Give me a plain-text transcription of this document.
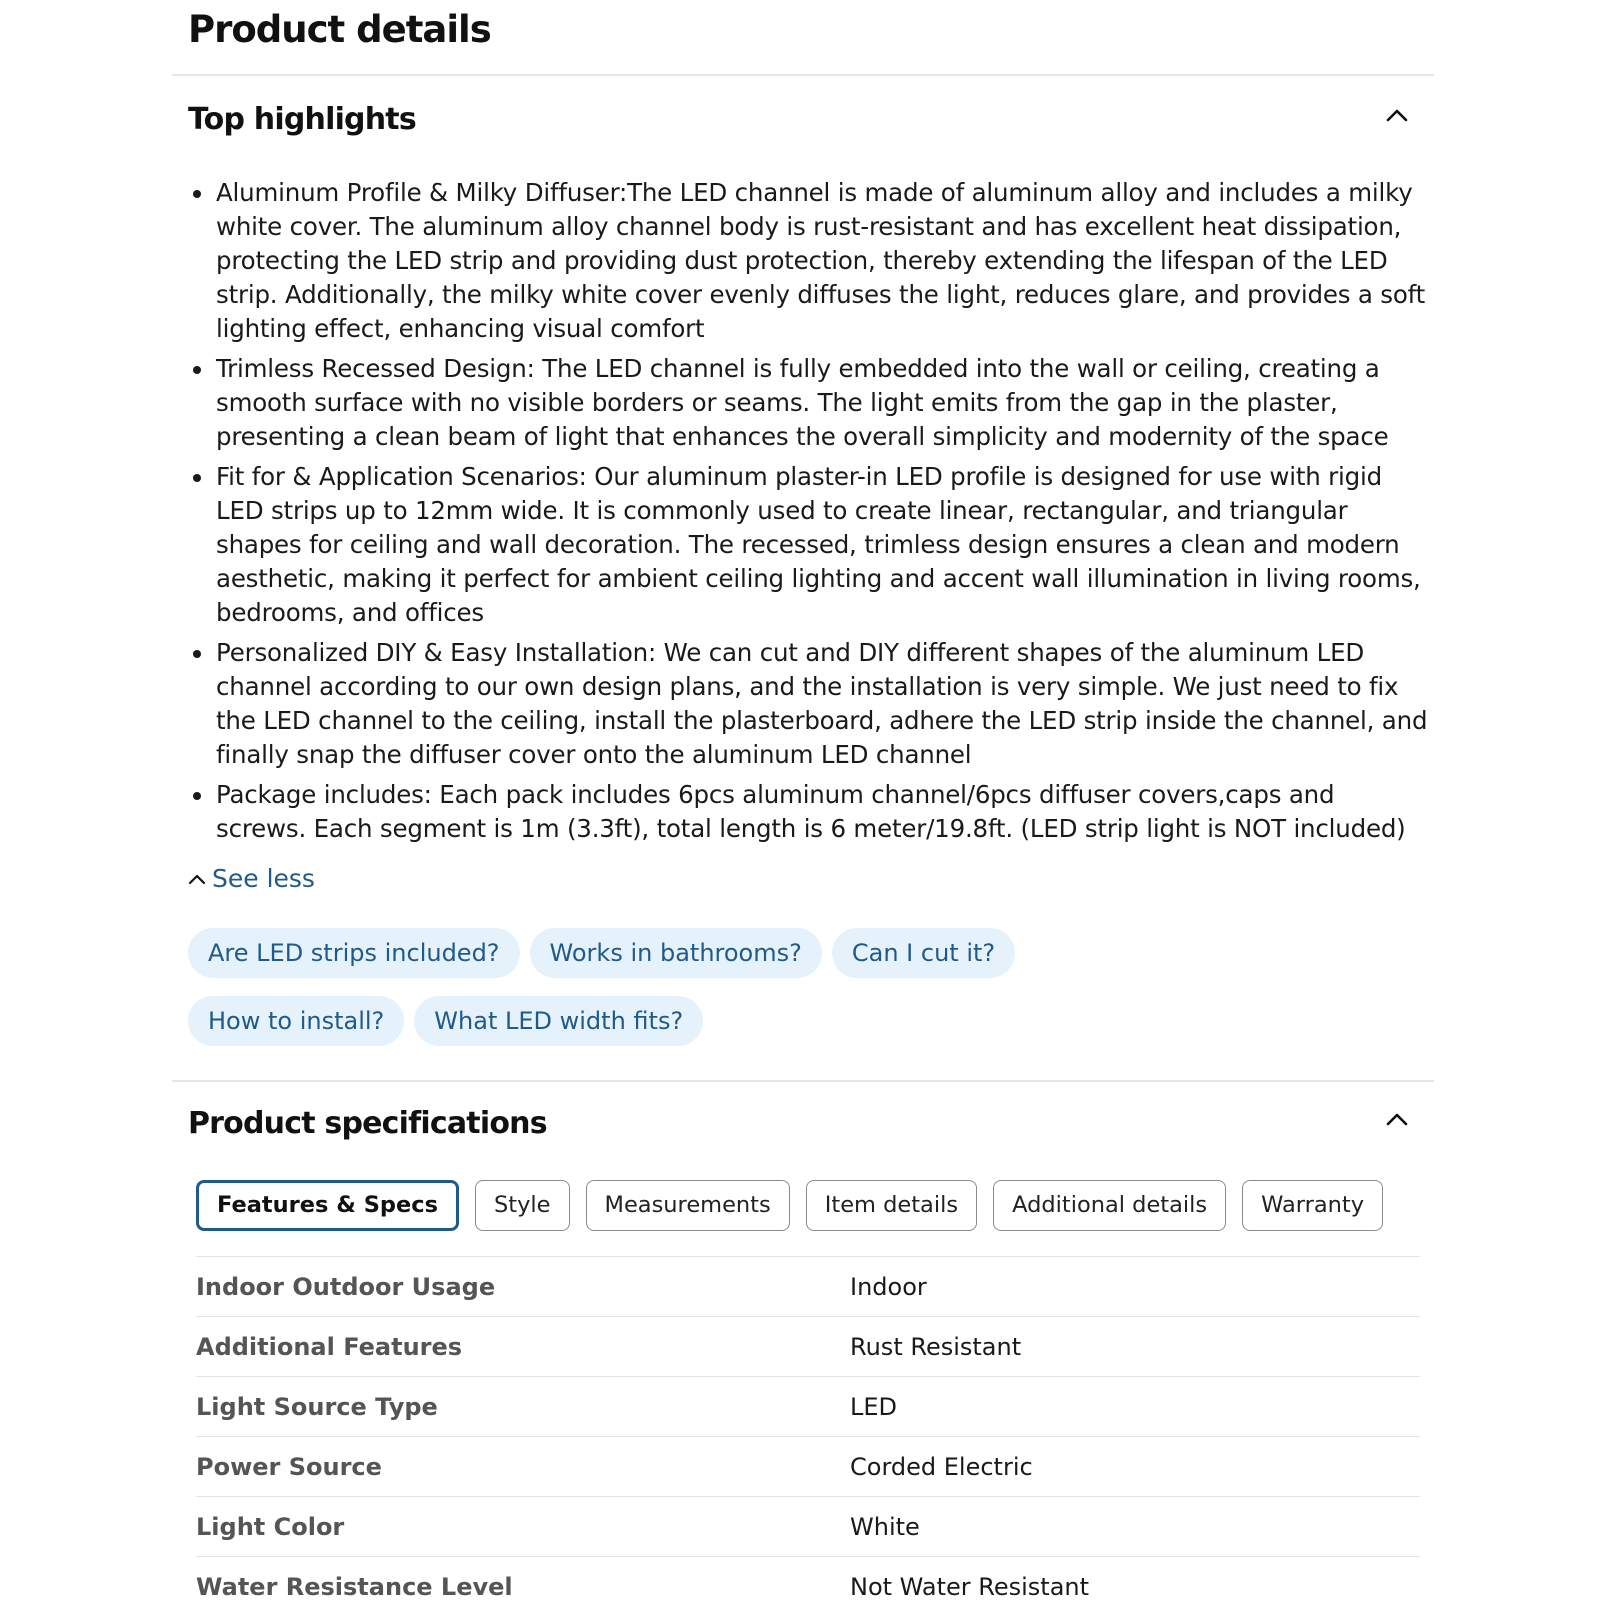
Product details
Top highlights
Aluminum Profile & Milky Diffuser:The LED channel is made of aluminum alloy and includes a milky white cover. The aluminum alloy channel body is rust-resistant and has excellent heat dissipation, protecting the LED strip and providing dust protection, thereby extending the lifespan of the LED strip. Additionally, the milky white cover evenly diffuses the light, reduces glare, and provides a soft lighting effect, enhancing visual comfort
Trimless Recessed Design: The LED channel is fully embedded into the wall or ceiling, creating a smooth surface with no visible borders or seams. The light emits from the gap in the plaster, presenting a clean beam of light that enhances the overall simplicity and modernity of the space
Fit for & Application Scenarios: Our aluminum plaster-in LED profile is designed for use with rigid LED strips up to 12mm wide. It is commonly used to create linear, rectangular, and triangular shapes for ceiling and wall decoration. The recessed, trimless design ensures a clean and modern aesthetic, making it perfect for ambient ceiling lighting and accent wall illumination in living rooms, bedrooms, and offices
Personalized DIY & Easy Installation: We can cut and DIY different shapes of the aluminum LED channel according to our own design plans, and the installation is very simple. We just need to fix the LED channel to the ceiling, install the plasterboard, adhere the LED strip inside the channel, and finally snap the diffuser cover onto the aluminum LED channel
Package includes: Each pack includes 6pcs aluminum channel/6pcs diffuser covers,caps and screws. Each segment is 1m (3.3ft), total length is 6 meter/19.8ft. (LED strip light is NOT included)
See less
Are LED strips included?	Works in bathrooms?	Can I cut it?
How to install?	What LED width fits?
Product specifications
Features & Specs	Style	Measurements	Item details	Additional details	Warranty
Indoor Outdoor Usage	Indoor
Additional Features	Rust Resistant
Light Source Type	LED
Power Source	Corded Electric
Light Color	White
Water Resistance Level	Not Water Resistant
